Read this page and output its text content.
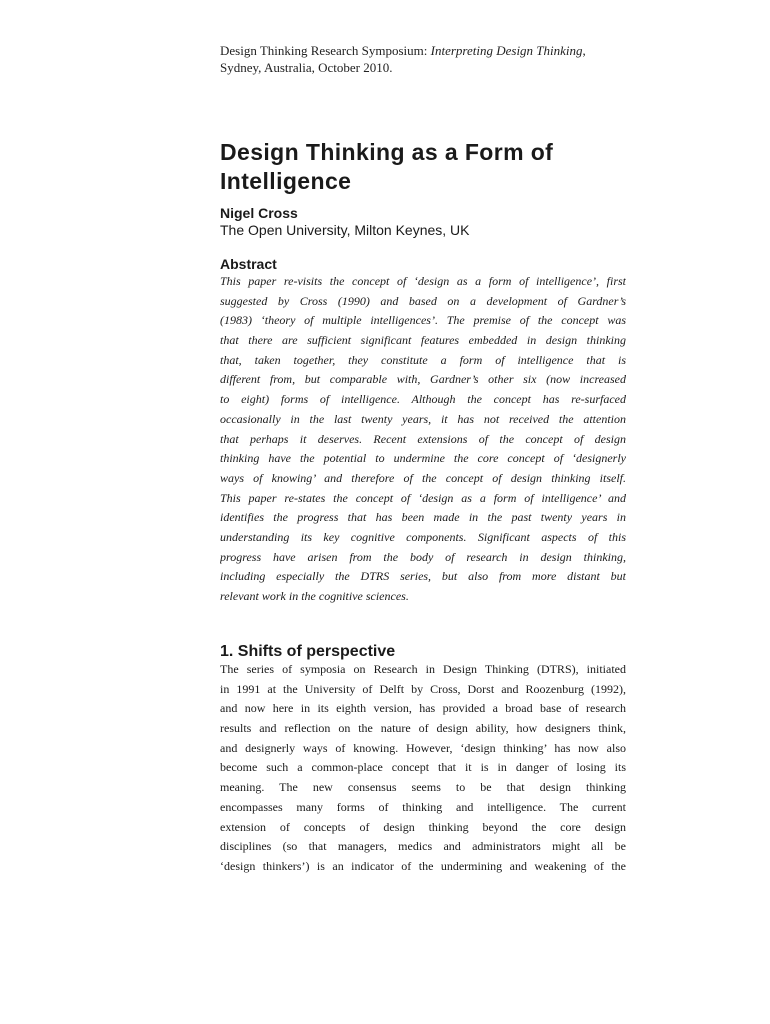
Design Thinking Research Symposium: Interpreting Design Thinking,
Sydney, Australia, October 2010.
Design Thinking as a Form of
Intelligence
Nigel Cross
The Open University, Milton Keynes, UK
Abstract
This paper re-visits the concept of ‘design as a form of intelligence’, first
suggested by Cross (1990) and based on a development of Gardner’s
(1983) ‘theory of multiple intelligences’. The premise of the concept was
that there are sufficient significant features embedded in design thinking
that, taken together, they constitute a form of intelligence that is
different from, but comparable with, Gardner’s other six (now increased
to eight) forms of intelligence. Although the concept has re-surfaced
occasionally in the last twenty years, it has not received the attention
that perhaps it deserves. Recent extensions of the concept of design
thinking have the potential to undermine the core concept of ‘designerly
ways of knowing’ and therefore of the concept of design thinking itself.
This paper re-states the concept of ‘design as a form of intelligence’ and
identifies the progress that has been made in the past twenty years in
understanding its key cognitive components. Significant aspects of this
progress have arisen from the body of research in design thinking,
including especially the DTRS series, but also from more distant but
relevant work in the cognitive sciences.
1. Shifts of perspective
The series of symposia on Research in Design Thinking (DTRS), initiated
in 1991 at the University of Delft by Cross, Dorst and Roozenburg (1992),
and now here in its eighth version, has provided a broad base of research
results and reflection on the nature of design ability, how designers think,
and designerly ways of knowing. However, ‘design thinking’ has now also
become such a common-place concept that it is in danger of losing its
meaning. The new consensus seems to be that design thinking
encompasses many forms of thinking and intelligence. The current
extension of concepts of design thinking beyond the core design
disciplines (so that managers, medics and administrators might all be
‘design thinkers’) is an indicator of the undermining and weakening of the
